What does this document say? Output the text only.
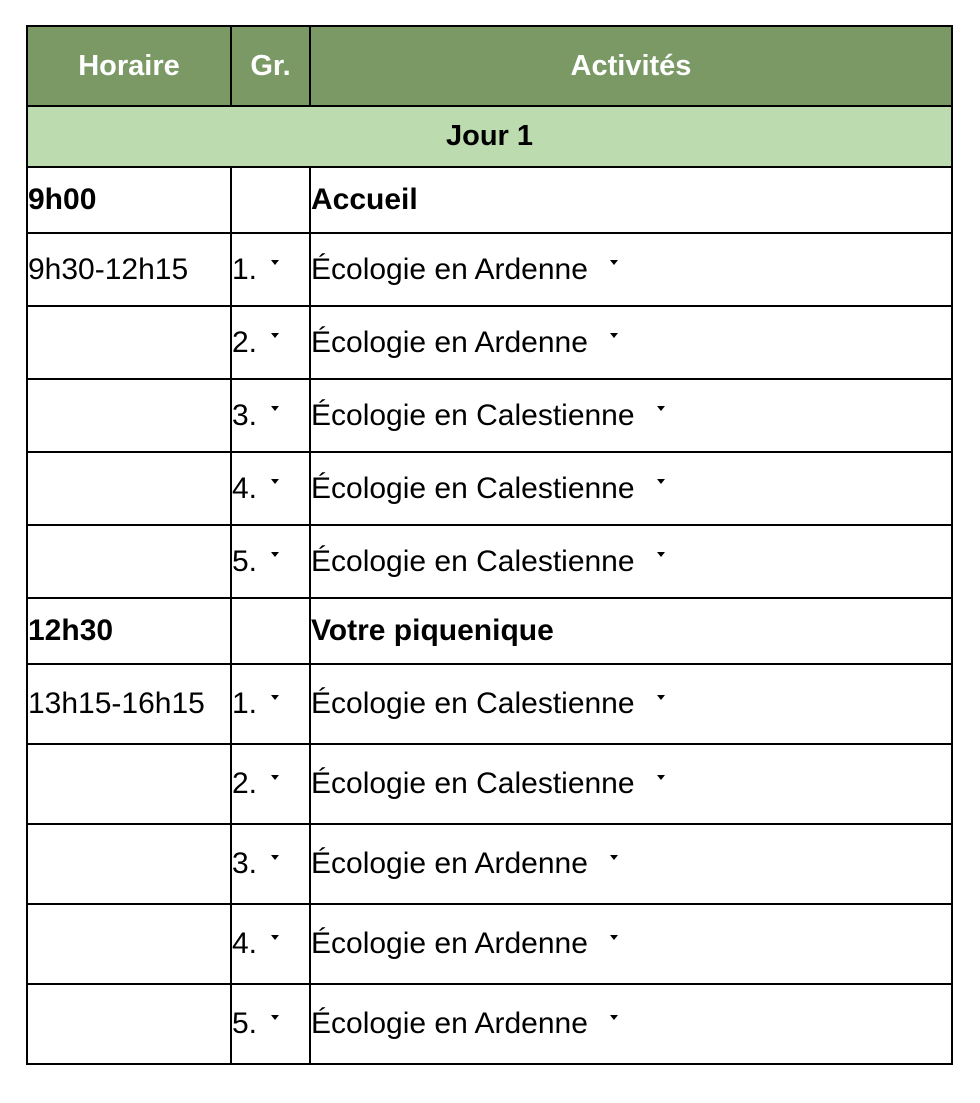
Horaire	Gr.	Activités
Jour 1		
9h00		Accueil
9h30-12h15	1.	Écologie en Ardenne
	2.	Écologie en Ardenne
	3.	Écologie en Calestienne
	4.	Écologie en Calestienne
	5.	Écologie en Calestienne
12h30		Votre piquenique
13h15-16h15	1.	Écologie en Calestienne
	2.	Écologie en Calestienne
	3.	Écologie en Ardenne
	4.	Écologie en Ardenne
	5.	Écologie en Ardenne
